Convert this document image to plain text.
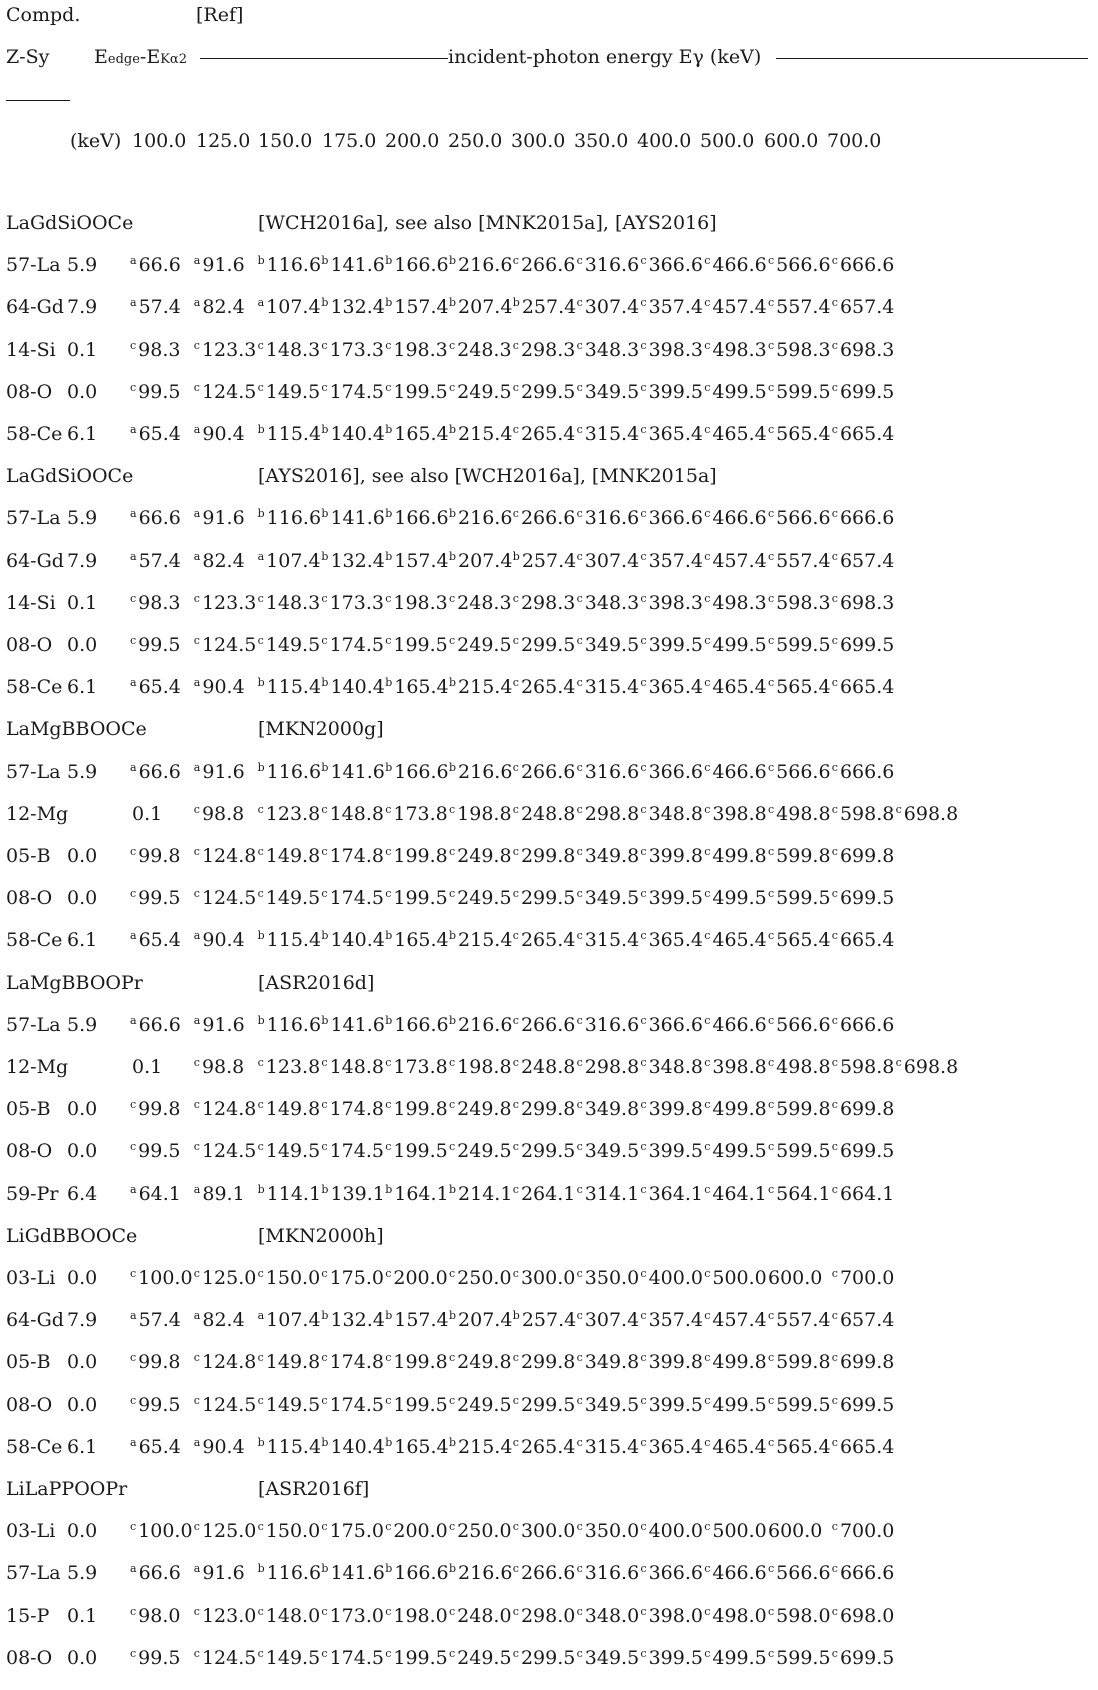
Compd.	[Ref]
Z-Sy Eedge-EKα2	incident-photon energy Eγ (keV)
(keV) 100.0 125.0 150.0 175.0 200.0 250.0 300.0 350.0 400.0 500.0 600.0 700.0
LaGdSiOOCe	[WCH2016a], see also [MNK2015a], [AYS2016]
57-La 5.9	$^a$ 66.6 $^a$ 91.6 $^b$ 116.6 $^b$ 141.6 $^b$ 166.6 $^b$ 216.6 $^c$ 266.6 $^c$ 316.6 $^c$ 366.6 $^c$ 466.6 $^c$ 566.6 $^c$ 666.6
64-Gd 7.9	$^a$ 57.4 $^a$ 82.4 $^a$ 107.4 $^b$ 132.4 $^b$ 157.4 $^b$ 207.4 $^b$ 257.4 $^c$ 307.4 $^c$ 357.4 $^c$ 457.4 $^c$ 557.4 $^c$ 657.4
14-Si 0.1	$^c$ 98.3 $^c$ 123.3 $^c$ 148.3 $^c$ 173.3 $^c$ 198.3 $^c$ 248.3 $^c$ 298.3 $^c$ 348.3 $^c$ 398.3 $^c$ 498.3 $^c$ 598.3 $^c$ 698.3
08-O 0.0	$^c$ 99.5 $^c$ 124.5 $^c$ 149.5 $^c$ 174.5 $^c$ 199.5 $^c$ 249.5 $^c$ 299.5 $^c$ 349.5 $^c$ 399.5 $^c$ 499.5 $^c$ 599.5 $^c$ 699.5
58-Ce 6.1	$^a$ 65.4 $^a$ 90.4 $^b$ 115.4 $^b$ 140.4 $^b$ 165.4 $^b$ 215.4 $^c$ 265.4 $^c$ 315.4 $^c$ 365.4 $^c$ 465.4 $^c$ 565.4 $^c$ 665.4
LaGdSiOOCe	[AYS2016], see also [WCH2016a], [MNK2015a]
57-La 5.9	$^a$ 66.6 $^a$ 91.6 $^b$ 116.6 $^b$ 141.6 $^b$ 166.6 $^b$ 216.6 $^c$ 266.6 $^c$ 316.6 $^c$ 366.6 $^c$ 466.6 $^c$ 566.6 $^c$ 666.6
64-Gd 7.9	$^a$ 57.4 $^a$ 82.4 $^a$ 107.4 $^b$ 132.4 $^b$ 157.4 $^b$ 207.4 $^b$ 257.4 $^c$ 307.4 $^c$ 357.4 $^c$ 457.4 $^c$ 557.4 $^c$ 657.4
14-Si 0.1	$^c$ 98.3 $^c$ 123.3 $^c$ 148.3 $^c$ 173.3 $^c$ 198.3 $^c$ 248.3 $^c$ 298.3 $^c$ 348.3 $^c$ 398.3 $^c$ 498.3 $^c$ 598.3 $^c$ 698.3
08-O 0.0	$^c$ 99.5 $^c$ 124.5 $^c$ 149.5 $^c$ 174.5 $^c$ 199.5 $^c$ 249.5 $^c$ 299.5 $^c$ 349.5 $^c$ 399.5 $^c$ 499.5 $^c$ 599.5 $^c$ 699.5
58-Ce 6.1	$^a$ 65.4 $^a$ 90.4 $^b$ 115.4 $^b$ 140.4 $^b$ 165.4 $^b$ 215.4 $^c$ 265.4 $^c$ 315.4 $^c$ 365.4 $^c$ 465.4 $^c$ 565.4 $^c$ 665.4
LaMgBBOOCe	[MKN2000g]
57-La 5.9	$^a$ 66.6 $^a$ 91.6 $^b$ 116.6 $^b$ 141.6 $^b$ 166.6 $^b$ 216.6 $^c$ 266.6 $^c$ 316.6 $^c$ 366.6 $^c$ 466.6 $^c$ 566.6 $^c$ 666.6
12-Mg	0.1	$^c$ 98.8 $^c$ 123.8 $^c$ 148.8 $^c$ 173.8 $^c$ 198.8 $^c$ 248.8 $^c$ 298.8 $^c$ 348.8 $^c$ 398.8 $^c$ 498.8 $^c$ 598.8 $^c$ 698.8
05-B 0.0	$^c$ 99.8 $^c$ 124.8 $^c$ 149.8 $^c$ 174.8 $^c$ 199.8 $^c$ 249.8 $^c$ 299.8 $^c$ 349.8 $^c$ 399.8 $^c$ 499.8 $^c$ 599.8 $^c$ 699.8
08-O 0.0	$^c$ 99.5 $^c$ 124.5 $^c$ 149.5 $^c$ 174.5 $^c$ 199.5 $^c$ 249.5 $^c$ 299.5 $^c$ 349.5 $^c$ 399.5 $^c$ 499.5 $^c$ 599.5 $^c$ 699.5
58-Ce 6.1	$^a$ 65.4 $^a$ 90.4 $^b$ 115.4 $^b$ 140.4 $^b$ 165.4 $^b$ 215.4 $^c$ 265.4 $^c$ 315.4 $^c$ 365.4 $^c$ 465.4 $^c$ 565.4 $^c$ 665.4
LaMgBBOOPr	[ASR2016d]
57-La 5.9	$^a$ 66.6 $^a$ 91.6 $^b$ 116.6 $^b$ 141.6 $^b$ 166.6 $^b$ 216.6 $^c$ 266.6 $^c$ 316.6 $^c$ 366.6 $^c$ 466.6 $^c$ 566.6 $^c$ 666.6
12-Mg	0.1	$^c$ 98.8 $^c$ 123.8 $^c$ 148.8 $^c$ 173.8 $^c$ 198.8 $^c$ 248.8 $^c$ 298.8 $^c$ 348.8 $^c$ 398.8 $^c$ 498.8 $^c$ 598.8 $^c$ 698.8
05-B 0.0	$^c$ 99.8 $^c$ 124.8 $^c$ 149.8 $^c$ 174.8 $^c$ 199.8 $^c$ 249.8 $^c$ 299.8 $^c$ 349.8 $^c$ 399.8 $^c$ 499.8 $^c$ 599.8 $^c$ 699.8
08-O 0.0	$^c$ 99.5 $^c$ 124.5 $^c$ 149.5 $^c$ 174.5 $^c$ 199.5 $^c$ 249.5 $^c$ 299.5 $^c$ 349.5 $^c$ 399.5 $^c$ 499.5 $^c$ 599.5 $^c$ 699.5
59-Pr 6.4	$^a$ 64.1 $^a$ 89.1 $^b$ 114.1 $^b$ 139.1 $^b$ 164.1 $^b$ 214.1 $^c$ 264.1 $^c$ 314.1 $^c$ 364.1 $^c$ 464.1 $^c$ 564.1 $^c$ 664.1
LiGdBBOOCe	[MKN2000h]
03-Li 0.0	$^c$ 100.0 $^c$ 125.0 $^c$ 150.0 $^c$ 175.0 $^c$ 200.0 $^c$ 250.0 $^c$ 300.0 $^c$ 350.0 $^c$ 400.0 $^c$ 500.0 600.0 $^c$ 700.0
64-Gd 7.9	$^a$ 57.4 $^a$ 82.4 $^a$ 107.4 $^b$ 132.4 $^b$ 157.4 $^b$ 207.4 $^b$ 257.4 $^c$ 307.4 $^c$ 357.4 $^c$ 457.4 $^c$ 557.4 $^c$ 657.4
05-B 0.0	$^c$ 99.8 $^c$ 124.8 $^c$ 149.8 $^c$ 174.8 $^c$ 199.8 $^c$ 249.8 $^c$ 299.8 $^c$ 349.8 $^c$ 399.8 $^c$ 499.8 $^c$ 599.8 $^c$ 699.8
08-O 0.0	$^c$ 99.5 $^c$ 124.5 $^c$ 149.5 $^c$ 174.5 $^c$ 199.5 $^c$ 249.5 $^c$ 299.5 $^c$ 349.5 $^c$ 399.5 $^c$ 499.5 $^c$ 599.5 $^c$ 699.5
58-Ce 6.1	$^a$ 65.4 $^a$ 90.4 $^b$ 115.4 $^b$ 140.4 $^b$ 165.4 $^b$ 215.4 $^c$ 265.4 $^c$ 315.4 $^c$ 365.4 $^c$ 465.4 $^c$ 565.4 $^c$ 665.4
LiLaPPOOPr	[ASR2016f]
03-Li 0.0	$^c$ 100.0 $^c$ 125.0 $^c$ 150.0 $^c$ 175.0 $^c$ 200.0 $^c$ 250.0 $^c$ 300.0 $^c$ 350.0 $^c$ 400.0 $^c$ 500.0 600.0 $^c$ 700.0
57-La 5.9	$^a$ 66.6 $^a$ 91.6 $^b$ 116.6 $^b$ 141.6 $^b$ 166.6 $^b$ 216.6 $^c$ 266.6 $^c$ 316.6 $^c$ 366.6 $^c$ 466.6 $^c$ 566.6 $^c$ 666.6
15-P 0.1	$^c$ 98.0 $^c$ 123.0 $^c$ 148.0 $^c$ 173.0 $^c$ 198.0 $^c$ 248.0 $^c$ 298.0 $^c$ 348.0 $^c$ 398.0 $^c$ 498.0 $^c$ 598.0 $^c$ 698.0
08-O 0.0	$^c$ 99.5 $^c$ 124.5 $^c$ 149.5 $^c$ 174.5 $^c$ 199.5 $^c$ 249.5 $^c$ 299.5 $^c$ 349.5 $^c$ 399.5 $^c$ 499.5 $^c$ 599.5 $^c$ 699.5
